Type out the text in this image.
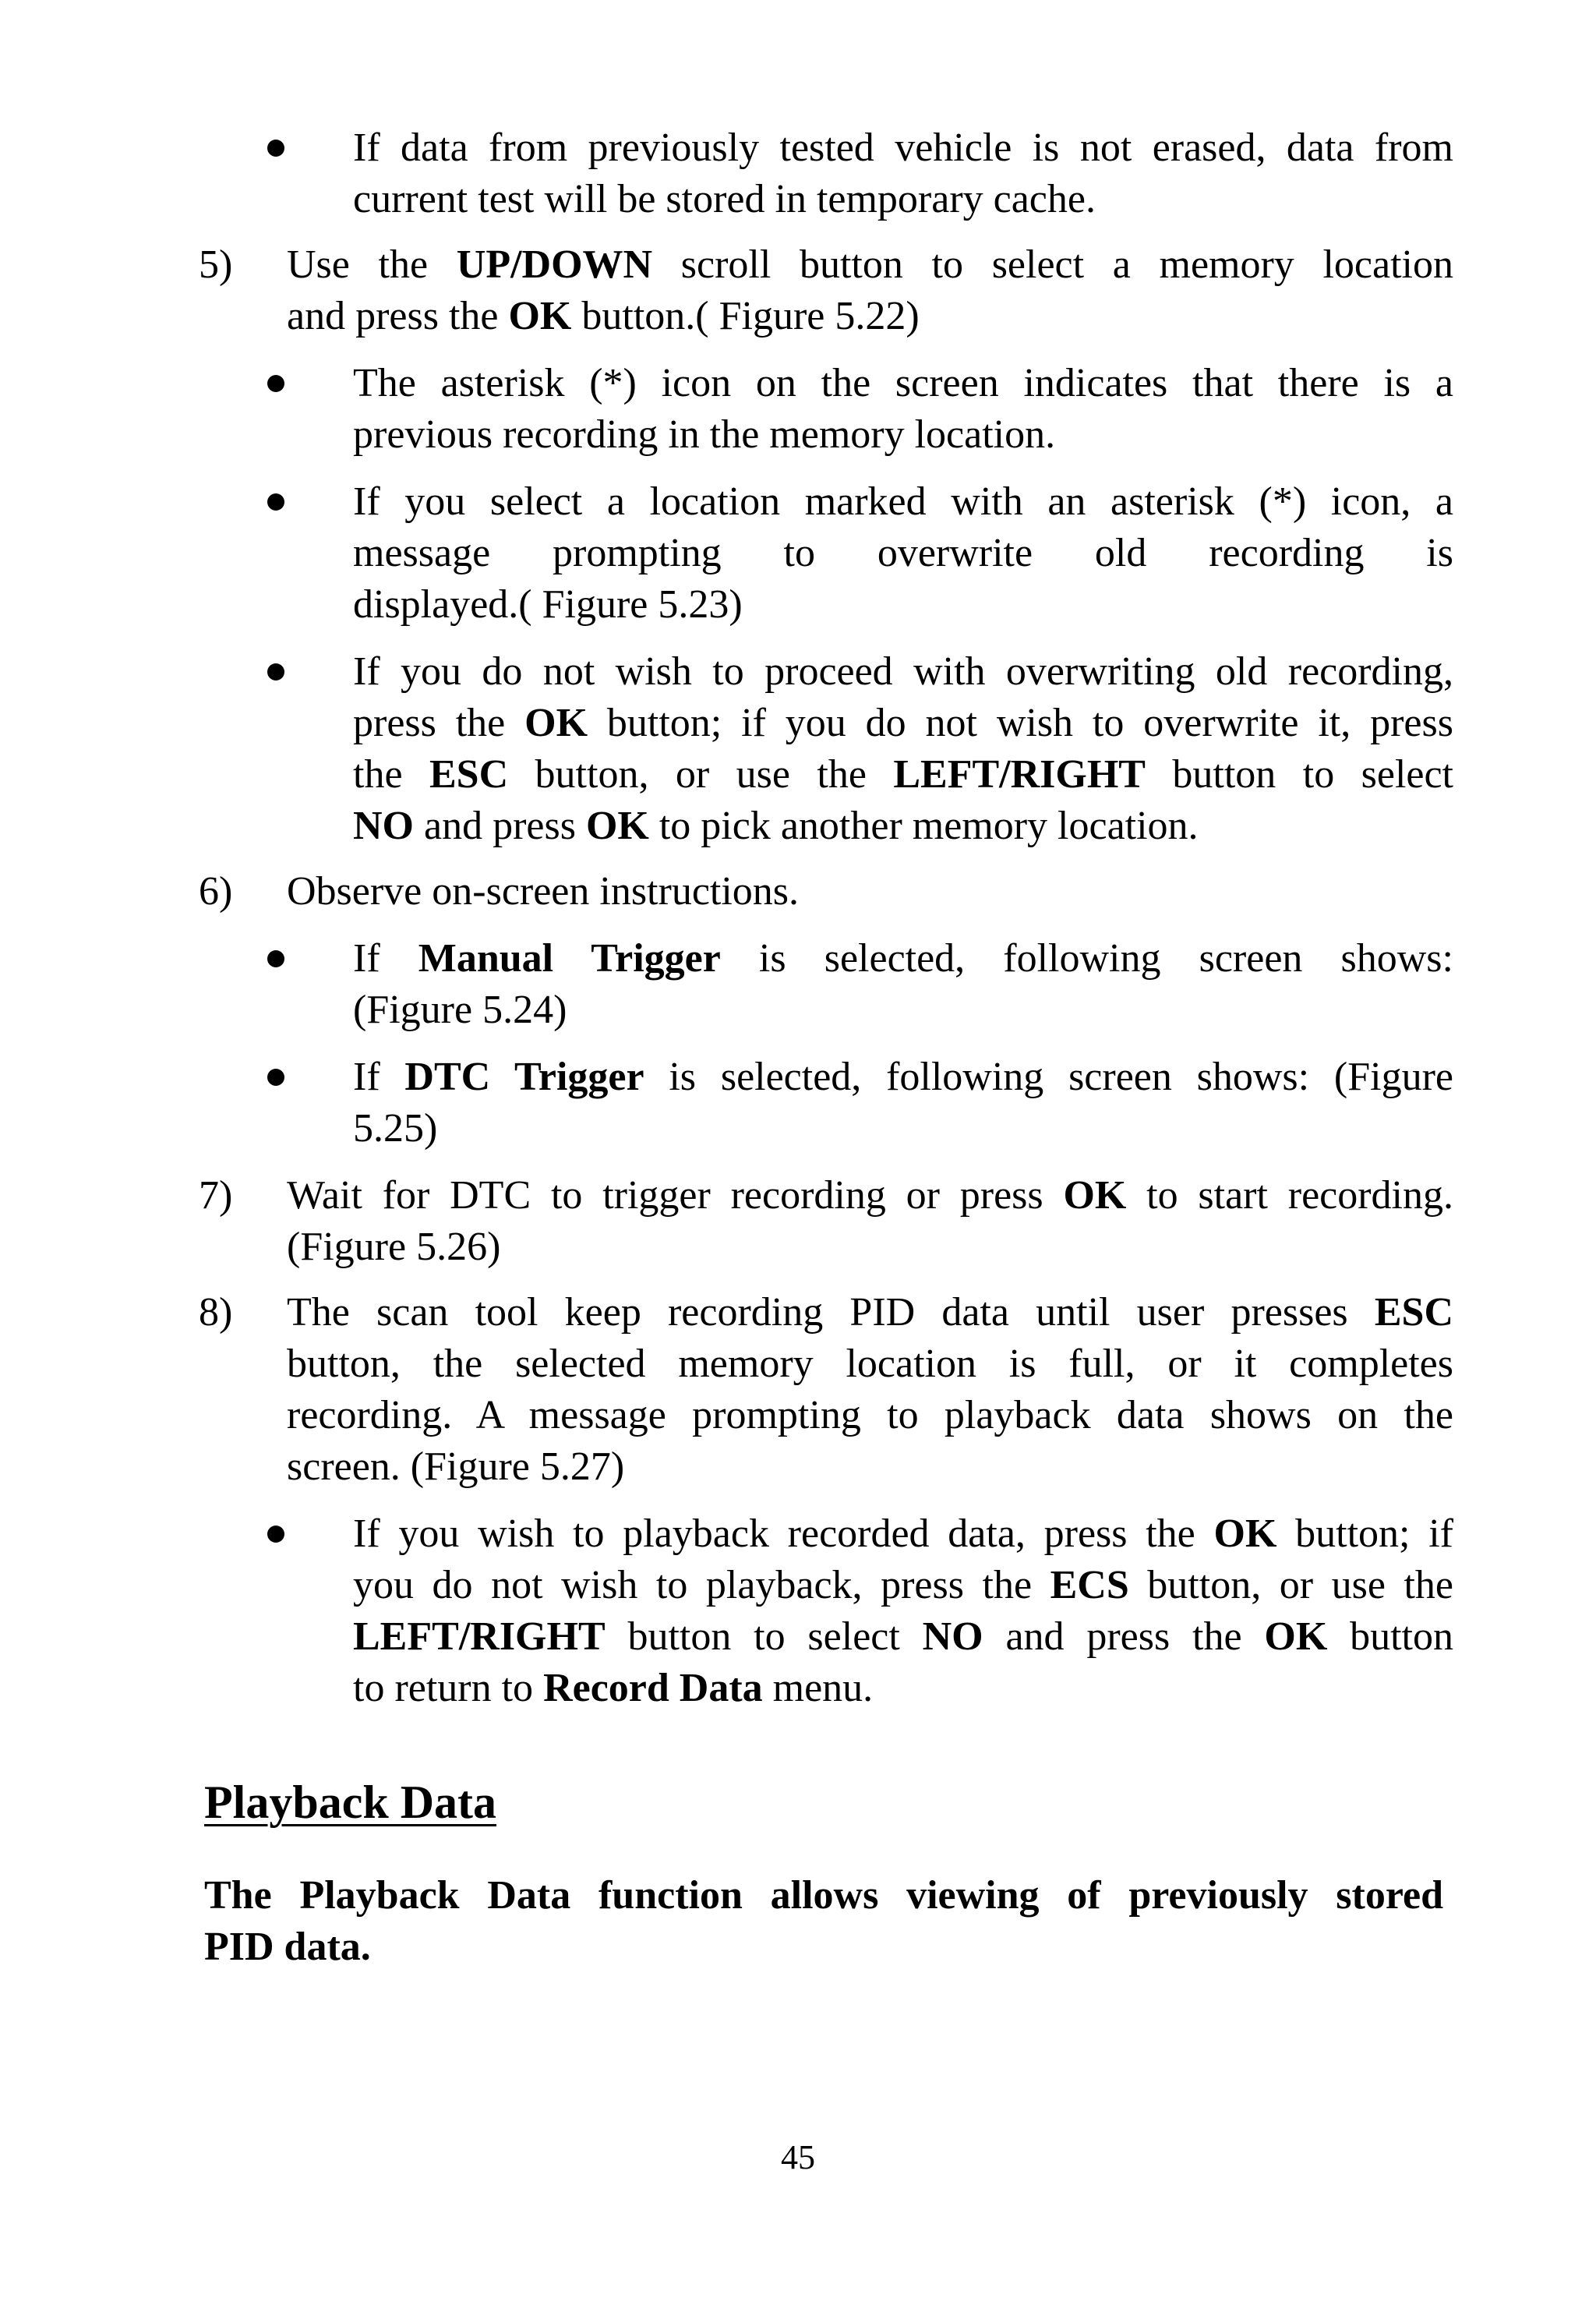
If data from previously tested vehicle is not erased, data from
current test will be stored in temporary cache.
5) Use the UP/DOWN scroll button to select a memory location
and press the OK button.( Figure 5.22)
The asterisk (*) icon on the screen indicates that there is a
previous recording in the memory location.
If you select a location marked with an asterisk (*) icon, a
message prompting to overwrite old recording is
displayed.( Figure 5.23)
If you do not wish to proceed with overwriting old recording,
press the OK button; if you do not wish to overwrite it, press
the ESC button, or use the LEFT/RIGHT button to select
NO and press OK to pick another memory location.
6) Observe on-screen instructions.
If Manual Trigger is selected, following screen shows:
(Figure 5.24)
If DTC Trigger is selected, following screen shows: (Figure
5.25)
7) Wait for DTC to trigger recording or press OK to start recording.
(Figure 5.26)
8) The scan tool keep recording PID data until user presses ESC
button, the selected memory location is full, or it completes
recording. A message prompting to playback data shows on the
screen. (Figure 5.27)
If you wish to playback recorded data, press the OK button; if
you do not wish to playback, press the ECS button, or use the
LEFT/RIGHT button to select NO and press the OK button
to return to Record Data menu.
Playback Data
The Playback Data function allows viewing of previously stored
PID data.
45
